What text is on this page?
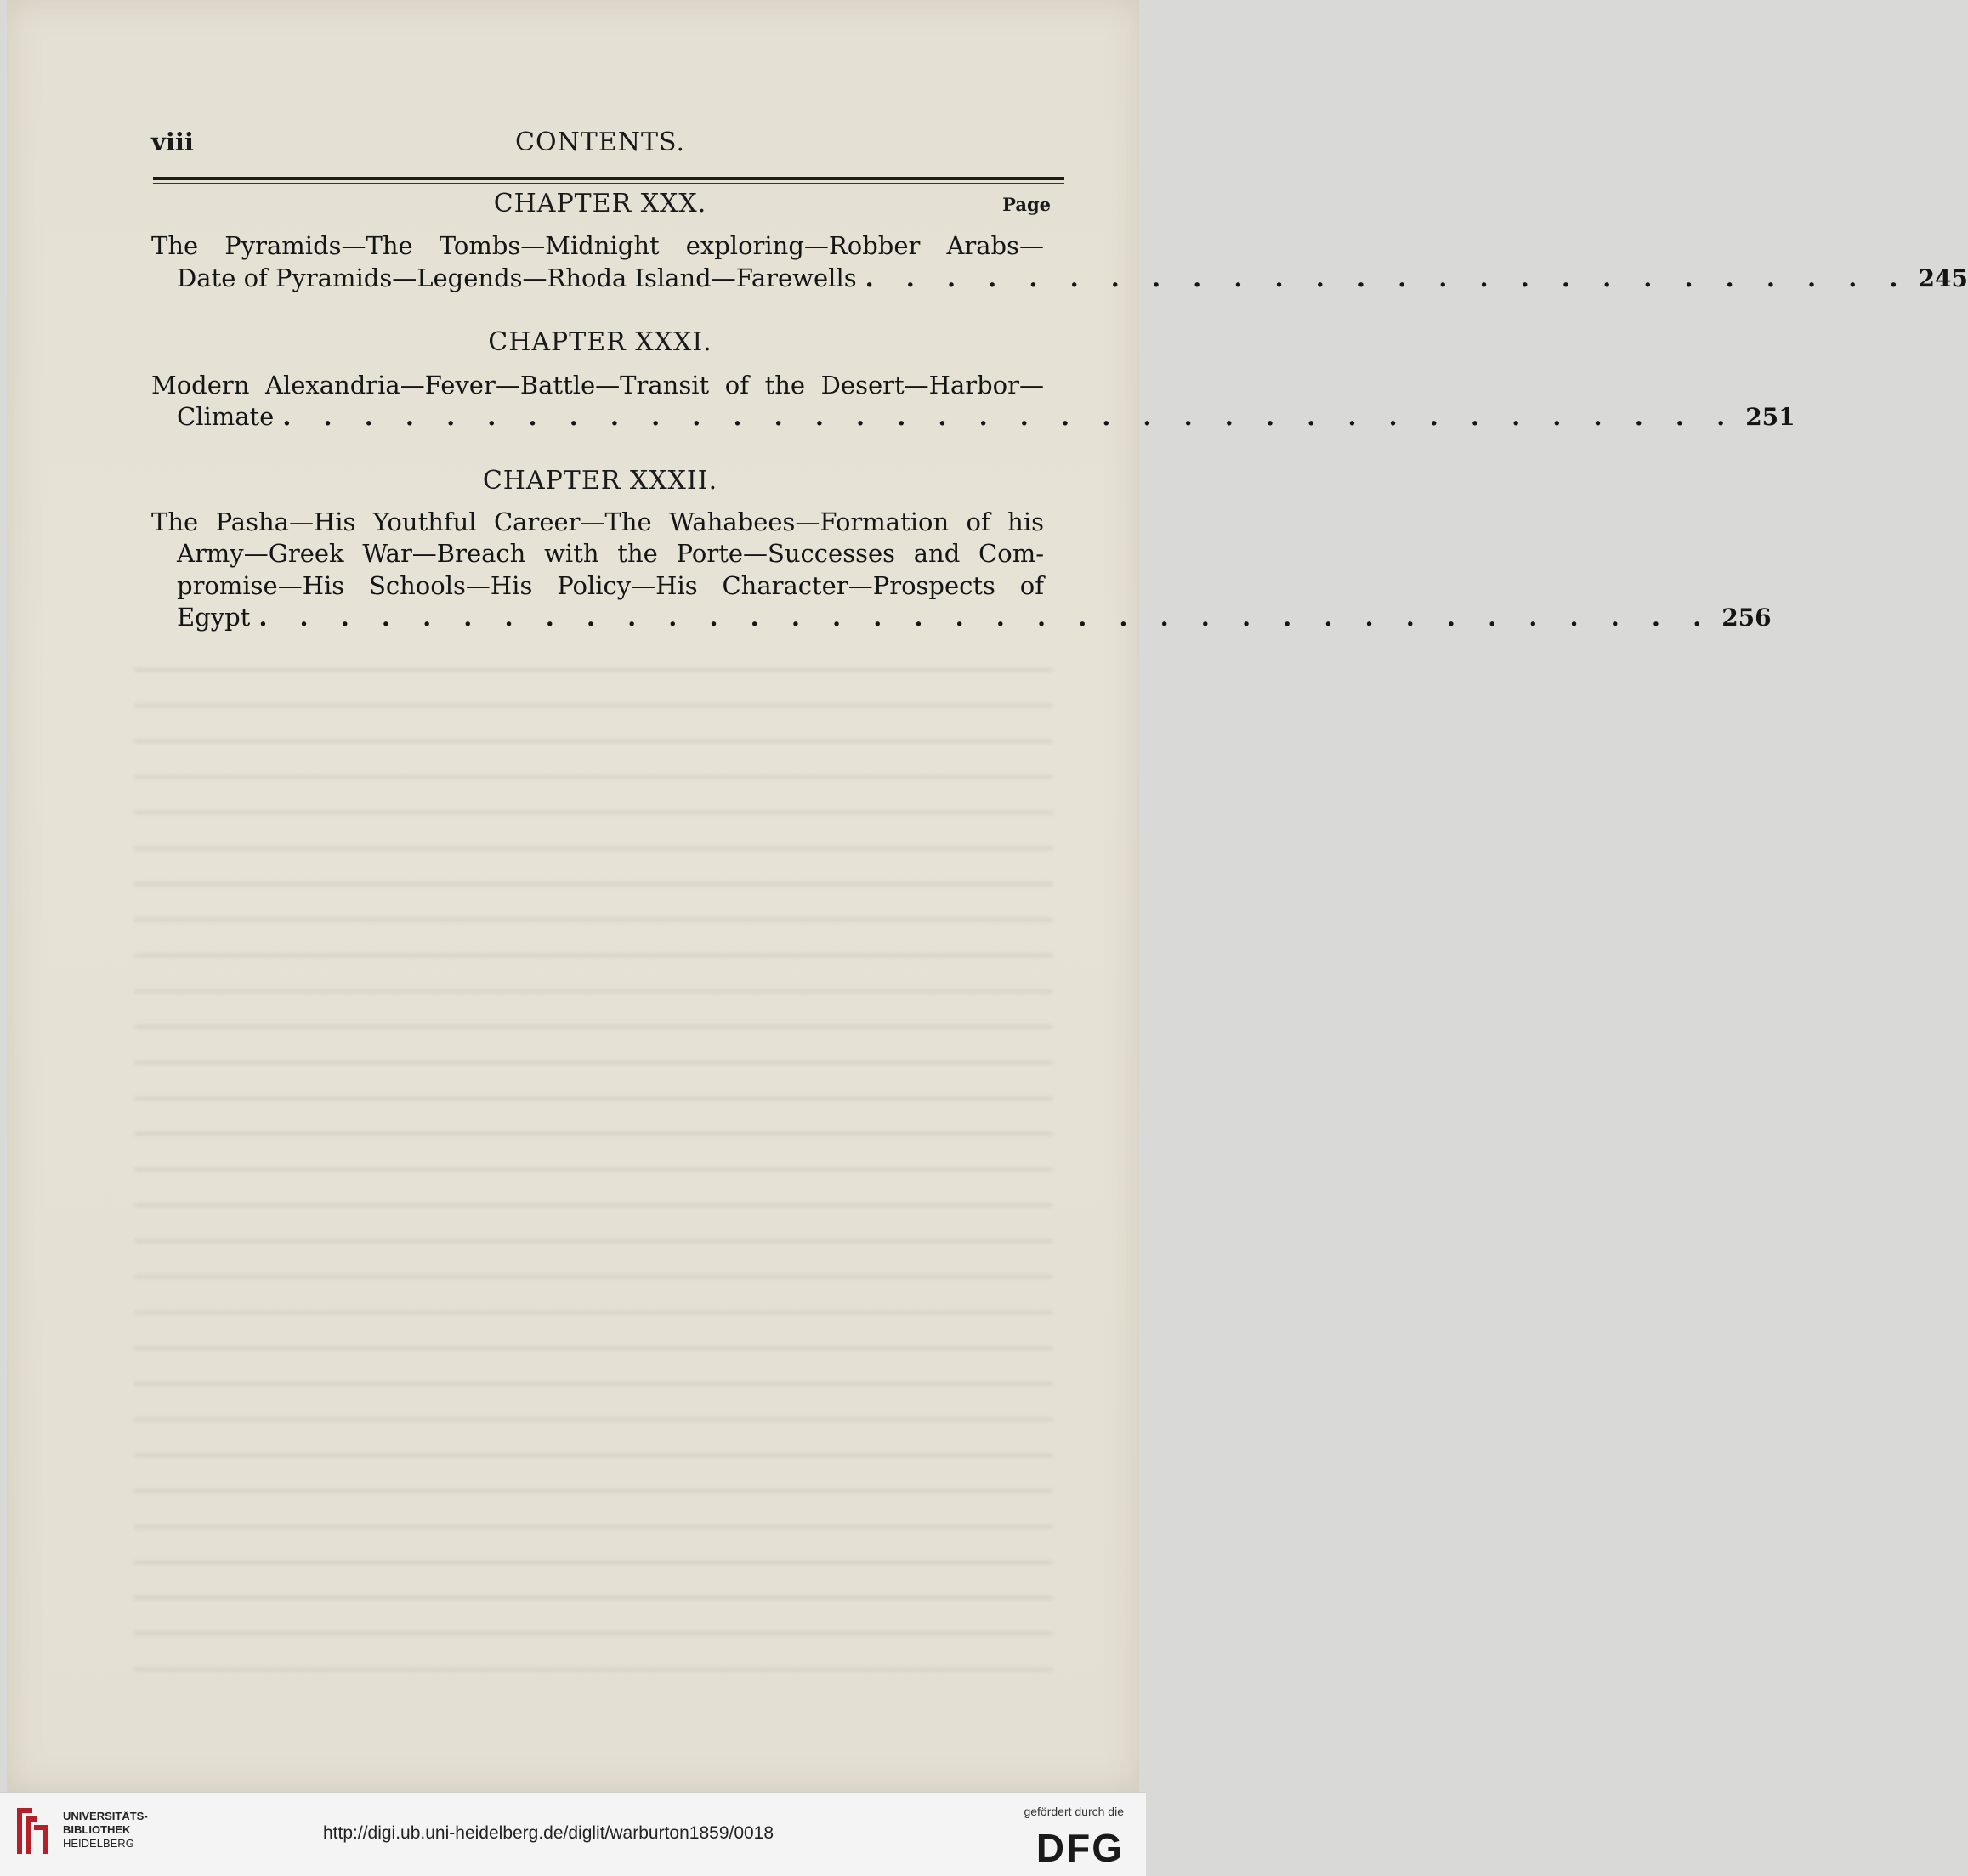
viii	CONTENTS.
Page
CHAPTER XXX.
The Pyramids—The Tombs—Midnight exploring—Robber Arabs—
Date of Pyramids—Legends—Rhoda Island—Farewells . . . . . . . . . . . . . . . . . . . . . . . . . . 245
CHAPTER XXXI.
Modern Alexandria—Fever—Battle—Transit of the Desert—Harbor—
Climate . . . . . . . . . . . . . . . . . . . . . . . . . . . . . . . . . . . . 251
CHAPTER XXXII.
The Pasha—His Youthful Career—The Wahabees—Formation of his
Army—Greek War—Breach with the Porte—Successes and Com-
promise—His Schools—His Policy—His Character—Prospects of
Egypt . . . . . . . . . . . . . . . . . . . . . . . . . . . . . . . . . . . . 256
UNIVERSITÄTS-
BIBLIOTHEK
HEIDELBERG
http://digi.ub.uni-heidelberg.de/diglit/warburton1859/0018
gefördert durch die
DFG
